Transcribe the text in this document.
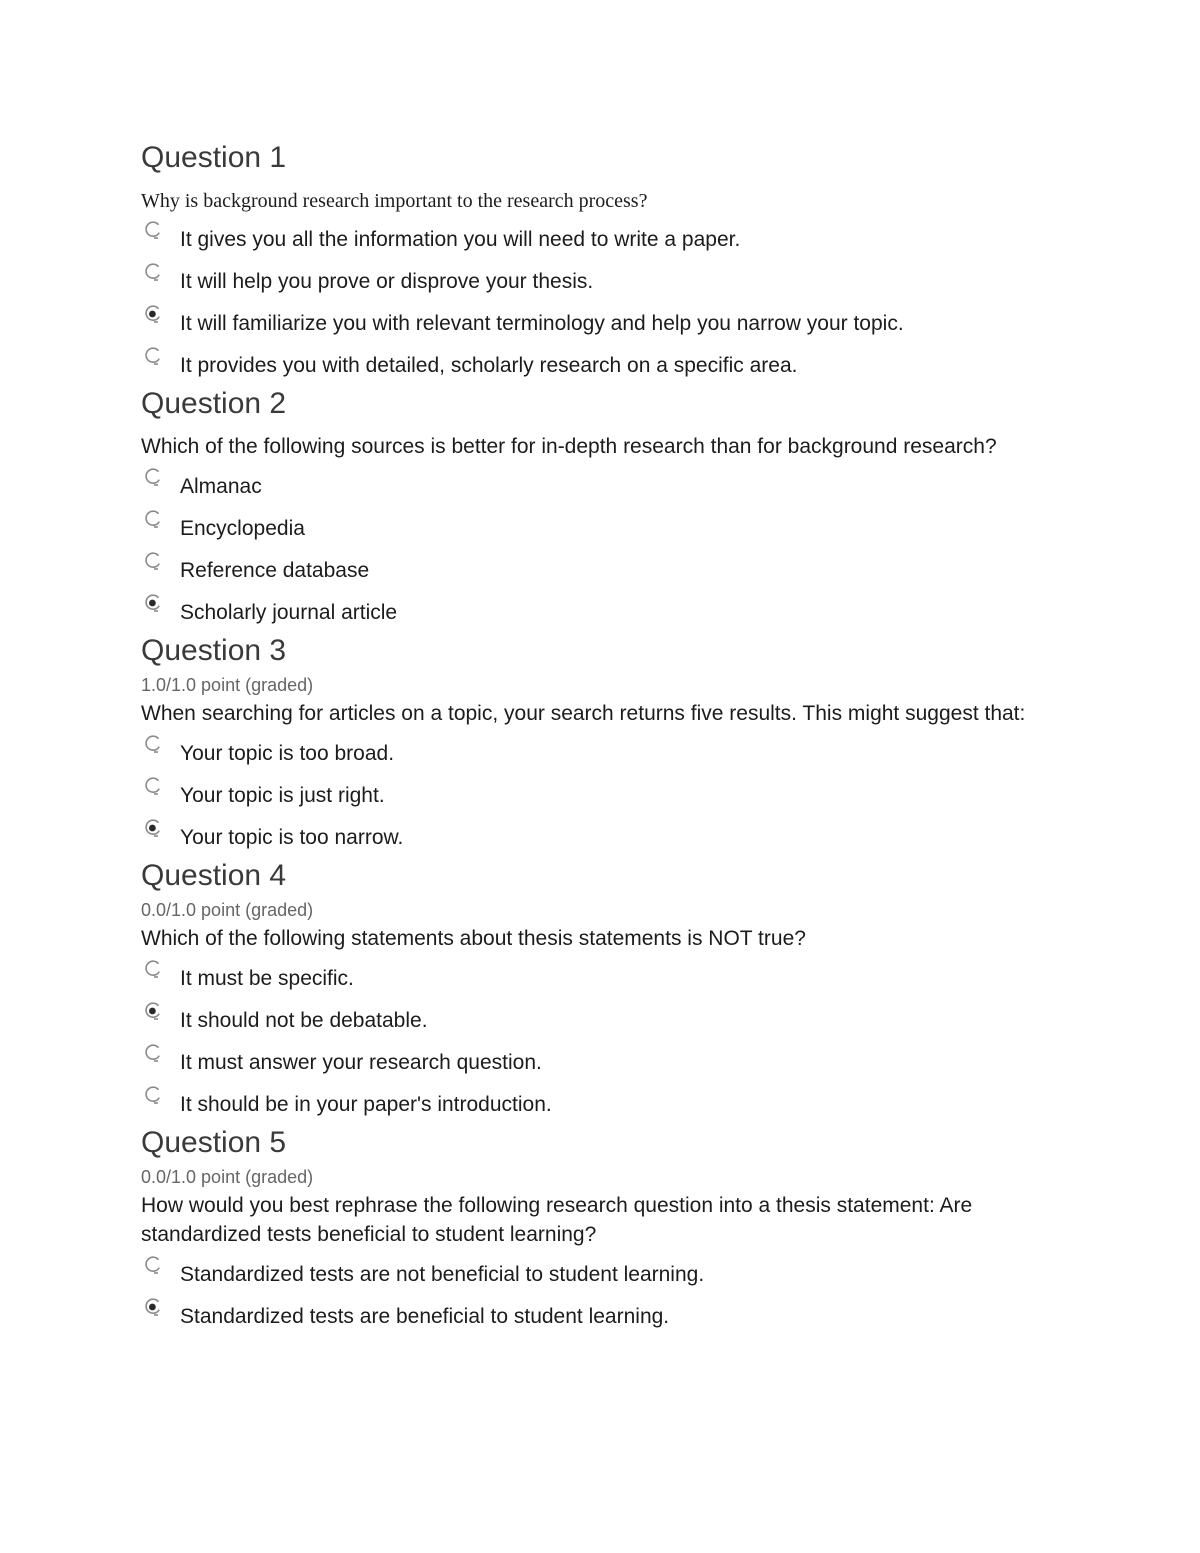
Question 1
Why is background research important to the research process?
It gives you all the information you will need to write a paper.
It will help you prove or disprove your thesis.
It will familiarize you with relevant terminology and help you narrow your topic.
It provides you with detailed, scholarly research on a specific area.
Question 2
Which of the following sources is better for in-depth research than for background research?
Almanac
Encyclopedia
Reference database
Scholarly journal article
Question 3
1.0/1.0 point (graded)
When searching for articles on a topic, your search returns five results. This might suggest that:
Your topic is too broad.
Your topic is just right.
Your topic is too narrow.
Question 4
0.0/1.0 point (graded)
Which of the following statements about thesis statements is NOT true?
It must be specific.
It should not be debatable.
It must answer your research question.
It should be in your paper's introduction.
Question 5
0.0/1.0 point (graded)
How would you best rephrase the following research question into a thesis statement: Are standardized tests beneficial to student learning?
Standardized tests are not beneficial to student learning.
Standardized tests are beneficial to student learning.
